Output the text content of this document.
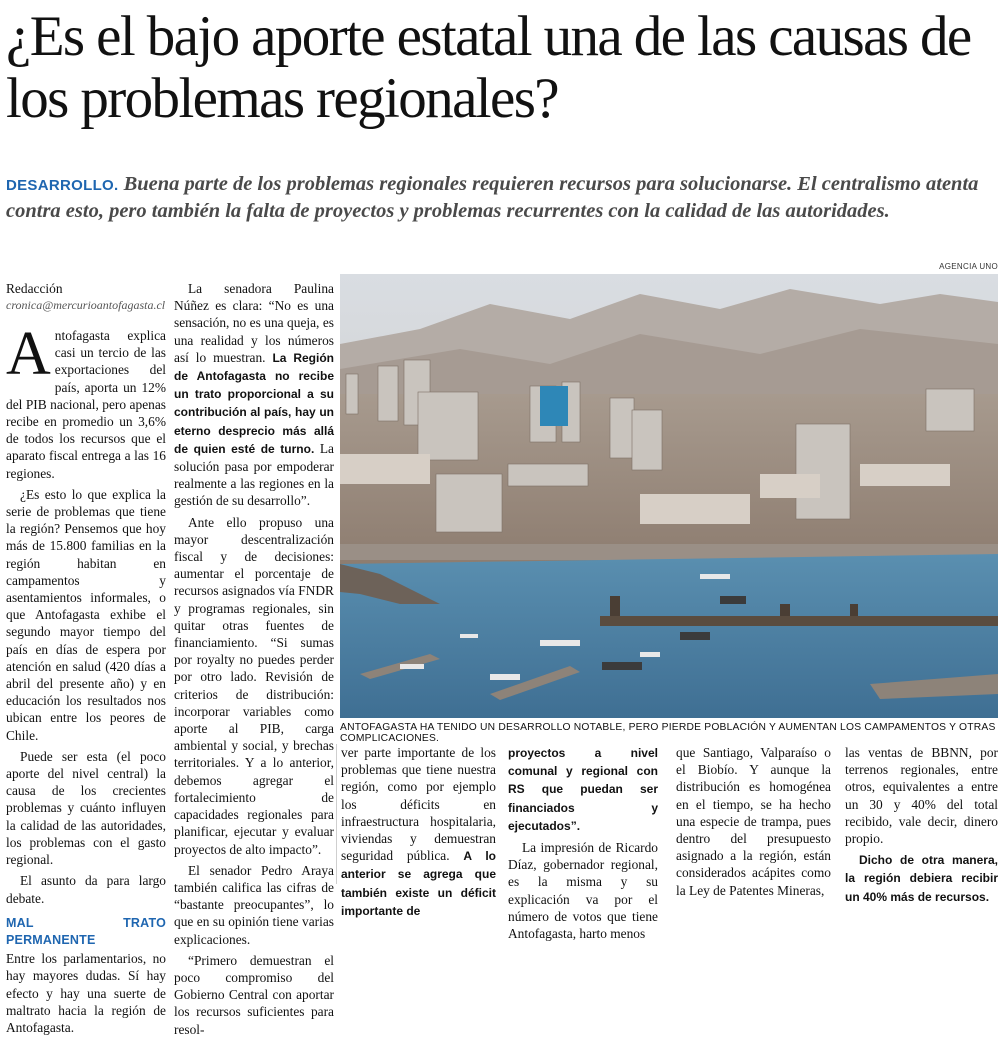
¿Es el bajo aporte estatal una de las causas de los problemas regionales?
DESARROLLO. Buena parte de los problemas regionales requieren recursos para solucionarse. El centralismo atenta contra esto, pero también la falta de proyectos y problemas recurrentes con la calidad de las autoridades.
Redacción
cronica@mercurioantofagasta.cl

Antofagasta explica casi un tercio de las exportaciones del país, aporta un 12% del PIB nacional, pero apenas recibe en promedio un 3,6% de todos los recursos que el aparato fiscal entrega a las 16 regiones.

¿Es esto lo que explica la serie de problemas que tiene la región? Pensemos que hoy más de 15.800 familias en la región habitan en campamentos y asentamientos informales, o que Antofagasta exhibe el segundo mayor tiempo del país en días de espera por atención en salud (420 días a abril del presente año) y en educación los resultados nos ubican entre los peores de Chile.

Puede ser esta (el poco aporte del nivel central) la causa de los crecientes problemas y cuánto influyen la calidad de las autoridades, los problemas con el gasto regional.

El asunto da para largo debate.

MAL TRATO PERMANENTE

Entre los parlamentarios, no hay mayores dudas. Sí hay efecto y hay una suerte de maltrato hacia la región de Antofagasta.

La senadora Paulina Núñez es clara: “No es una sensación, no es una queja, es una realidad y los números así lo muestran. La Región de Antofagasta no recibe un trato proporcional a su contribución al país, hay un eterno desprecio más allá de quien esté de turno. La solución pasa por empoderar realmente a las regiones en la gestión de su desarrollo”.

Ante ello propuso una mayor descentralización fiscal y de decisiones: aumentar el porcentaje de recursos asignados vía FNDR y programas regionales, sin quitar otras fuentes de financiamiento. “Si sumas por royalty no puedes perder por otro lado. Revisión de criterios de distribución: incorporar variables como aporte al PIB, carga ambiental y social, y brechas territoriales. Y a lo anterior, debemos agregar el fortalecimiento de capacidades regionales para planificar, ejecutar y evaluar proyectos de alto impacto”.

El senador Pedro Araya también califica las cifras de “bastante preocupantes”, lo que en su opinión tiene varias explicaciones.

“Primero demuestran el poco compromiso del Gobierno Central con aportar los recursos suficientes para resol-

AGENCIA UNO
ANTOFAGASTA HA TENIDO UN DESARROLLO NOTABLE, PERO PIERDE POBLACIÓN Y AUMENTAN LOS CAMPAMENTOS Y OTRAS COMPLICACIONES.

ver parte importante de los problemas que tiene nuestra región, como por ejemplo los déficits en infraestructura hospitalaria, viviendas y demuestran seguridad pública. A lo anterior se agrega que también existe un déficit importante de

proyectos a nivel comunal y regional con RS que puedan ser financiados y ejecutados”.

La impresión de Ricardo Díaz, gobernador regional, es la misma y su explicación va por el número de votos que tiene Antofagasta, harto menos

que Santiago, Valparaíso o el Biobío. Y aunque la distribución es homogénea en el tiempo, se ha hecho una especie de trampa, pues dentro del presupuesto asignado a la región, están considerados acápites como la Ley de Patentes Mineras,

las ventas de BBNN, por terrenos regionales, entre otros, equivalentes a entre un 30 y 40% del total recibido, vale decir, dinero propio.

Dicho de otra manera, la región debiera recibir un 40% más de recursos.
